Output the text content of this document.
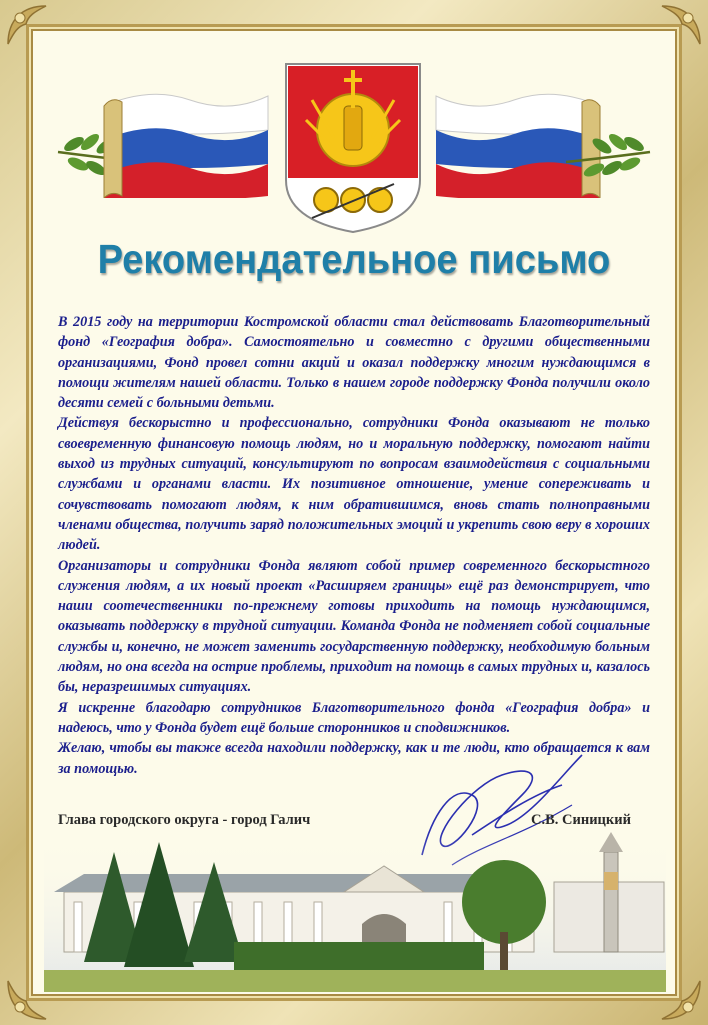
Рекомендательное письмо

В 2015 году на территории Костромской области стал действовать Благотворительный фонд «География добра». Самостоятельно и совместно с другими общественными организациями, Фонд провел сотни акций и оказал поддержку многим нуждающимся в помощи жителям нашей области. Только в нашем городе поддержку Фонда получили около десяти семей с больными детьми.

Действуя бескорыстно и профессионально, сотрудники Фонда оказывают не только своевременную финансовую помощь людям, но и моральную поддержку, помогают найти выход из трудных ситуаций, консультируют по вопросам взаимодействия с социальными службами и органами власти. Их позитивное отношение, умение сопереживать и сочувствовать помогают людям, к ним обратившимся, вновь стать полноправными членами общества, получить заряд положительных эмоций и укрепить свою веру в хороших людей.

Организаторы и сотрудники Фонда являют собой пример современного бескорыстного служения людям, а их новый проект «Расширяем границы» ещё раз демонстрирует, что наши соотечественники по-прежнему готовы приходить на помощь нуждающимся, оказывать поддержку в трудной ситуации. Команда Фонда не подменяет собой социальные службы и, конечно, не может заменить государственную поддержку, необходимую больным людям, но она всегда на острие проблемы, приходит на помощь в самых трудных и, казалось бы, неразрешимых ситуациях.

Я искренне благодарю сотрудников Благотворительного фонда «География добра» и надеюсь, что у Фонда будет ещё больше сторонников и сподвижников.

Желаю, чтобы вы также всегда находили поддержку, как и те люди, кто обращается к вам за помощью.

Глава городского округа - город Галич	С.В. Синицкий
